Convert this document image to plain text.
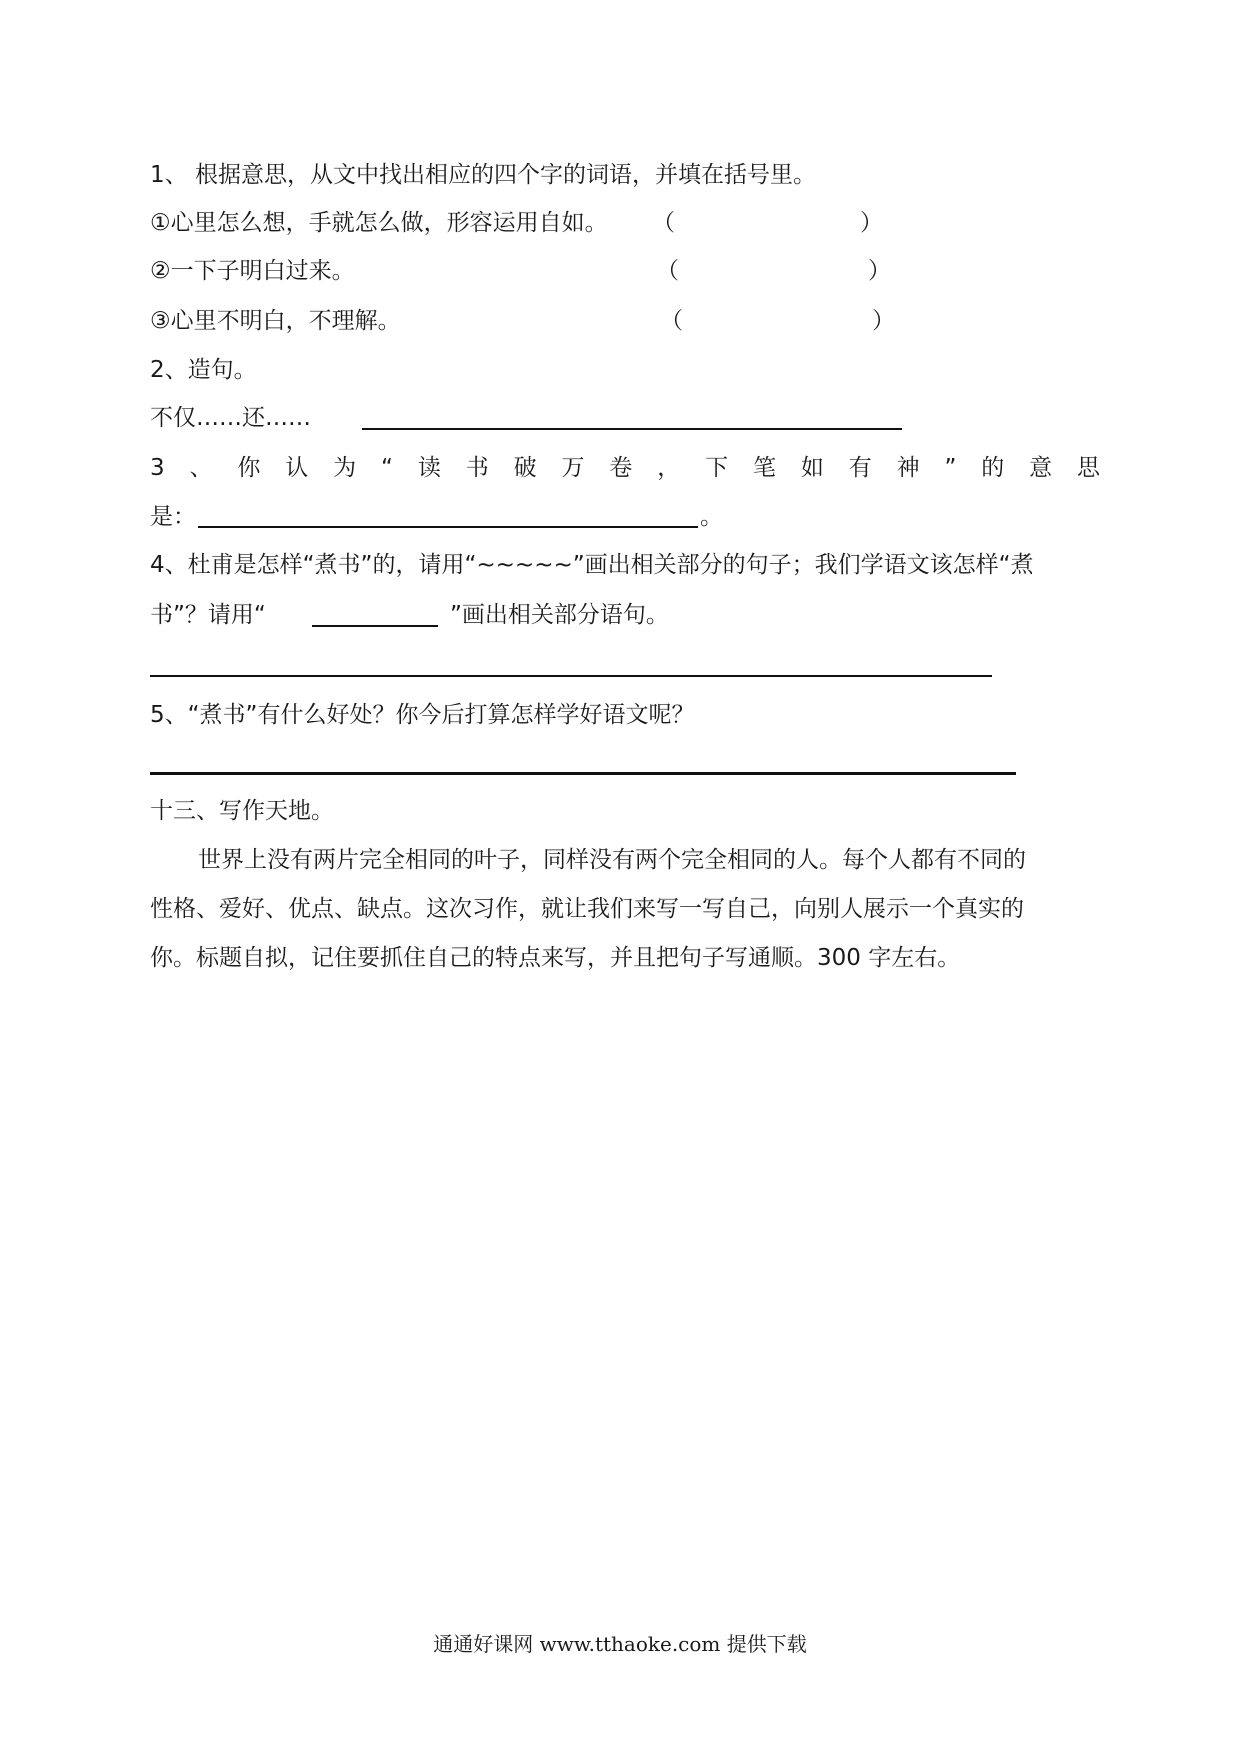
1、 根据意思，从文中找出相应的四个字的词语，并填在括号里。
①心里怎么想，手就怎么做，形容运用自如。 （	）
②一下子明白过来。	（	）
③心里不明白，不理解。	（	）
2、造句。
不仅……还……
3 、 你 认 为 “ 读 书 破 万 卷 ， 下 笔 如 有 神 ” 的 意 思
是：	。
4、杜甫是怎样“煮书”的，请用“~~~~~”画出相关部分的句子；我们学语文该怎样“煮
书”？请用“	”画出相关部分语句。
5、“煮书”有什么好处？你今后打算怎样学好语文呢？
十三、写作天地。
世界上没有两片完全相同的叶子，同样没有两个完全相同的人。每个人都有不同的
性格、爱好、优点、缺点。这次习作，就让我们来写一写自己，向别人展示一个真实的
你。标题自拟，记住要抓住自己的特点来写，并且把句子写通顺。300 字左右。
通通好课网 www.tthaoke.com 提供下载
